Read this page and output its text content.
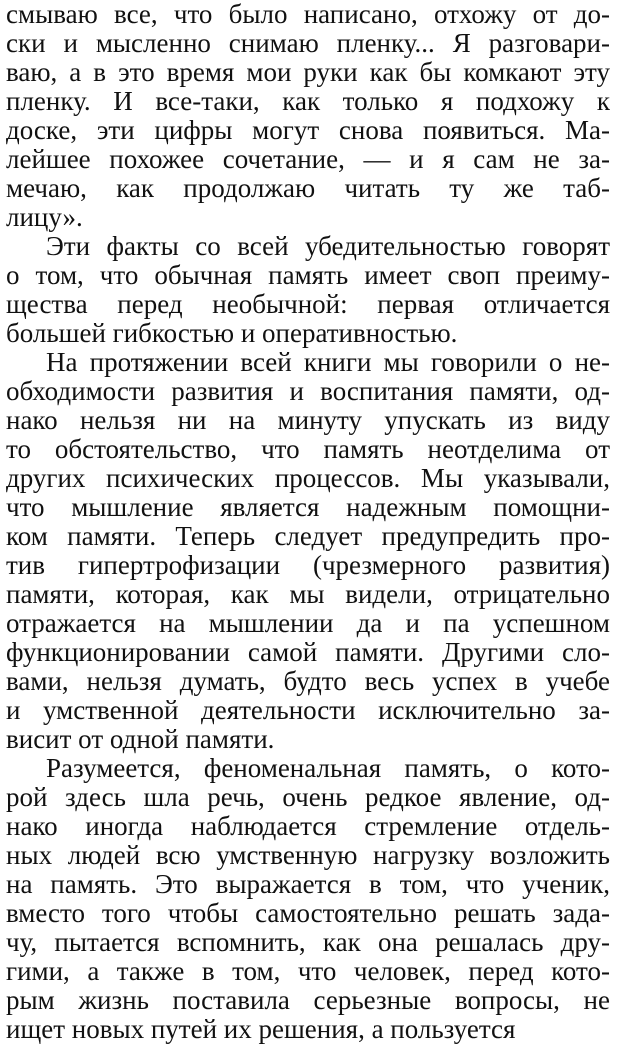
смываю все, что было написано, отхожу от до-
ски и мысленно снимаю пленку... Я разговари-
ваю, а в это время мои руки как бы комкают эту
пленку. И все-таки, как только я подхожу к
доске, эти цифры могут снова появиться. Ма-
лейшее похожее сочетание, — и я сам не за-
мечаю, как продолжаю читать ту же таб-
лицу».
Эти факты со всей убедительностью говорят
о том, что обычная память имеет своп преиму-
щества перед необычной: первая отличается
большей гибкостью и оперативностью.
На протяжении всей книги мы говорили о не-
обходимости развития и воспитания памяти, од-
нако нельзя ни на минуту упускать из виду
то обстоятельство, что память неотделима от
других психических процессов. Мы указывали,
что мышление является надежным помощни-
ком памяти. Теперь следует предупредить про-
тив гипертрофизации (чрезмерного развития)
памяти, которая, как мы видели, отрицательно
отражается на мышлении да и па успешном
функционировании самой памяти. Другими сло-
вами, нельзя думать, будто весь успех в учебе
и умственной деятельности исключительно за-
висит от одной памяти.
Разумеется, феноменальная память, о кото-
рой здесь шла речь, очень редкое явление, од-
нако иногда наблюдается стремление отдель-
ных людей всю умственную нагрузку возложить
на память. Это выражается в том, что ученик,
вместо того чтобы самостоятельно решать зада-
чу, пытается вспомнить, как она решалась дру-
гими, а также в том, что человек, перед кото-
рым жизнь поставила серьезные вопросы, не
ищет новых путей их решения, а пользуется
